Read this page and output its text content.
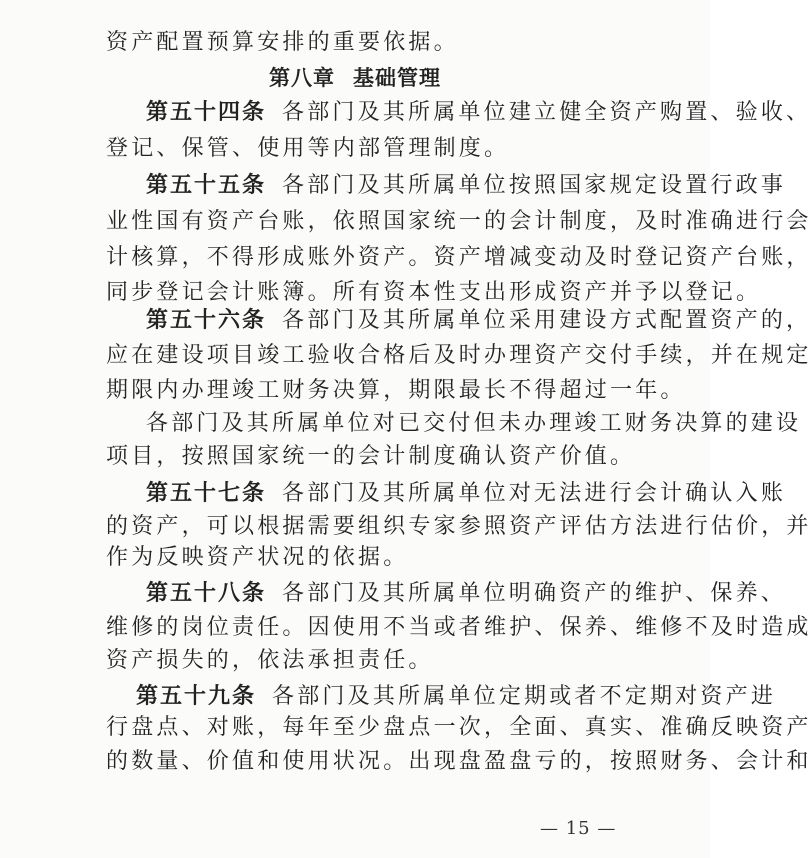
资产配置预算安排的重要依据。
第八章 基础管理
第五十四条 各部门及其所属单位建立健全资产购置、验收、
登记、保管、使用等内部管理制度。
第五十五条 各部门及其所属单位按照国家规定设置行政事
业性国有资产台账，依照国家统一的会计制度，及时准确进行会
计核算，不得形成账外资产。资产增减变动及时登记资产台账，
同步登记会计账簿。所有资本性支出形成资产并予以登记。
第五十六条 各部门及其所属单位采用建设方式配置资产的，
应在建设项目竣工验收合格后及时办理资产交付手续，并在规定
期限内办理竣工财务决算，期限最长不得超过一年。
各部门及其所属单位对已交付但未办理竣工财务决算的建设
项目，按照国家统一的会计制度确认资产价值。
第五十七条 各部门及其所属单位对无法进行会计确认入账
的资产，可以根据需要组织专家参照资产评估方法进行估价，并
作为反映资产状况的依据。
第五十八条 各部门及其所属单位明确资产的维护、保养、
维修的岗位责任。因使用不当或者维护、保养、维修不及时造成
资产损失的，依法承担责任。
第五十九条 各部门及其所属单位定期或者不定期对资产进
行盘点、对账，每年至少盘点一次，全面、真实、准确反映资产
的数量、价值和使用状况。出现盘盈盘亏的，按照财务、会计和
— 15 —
